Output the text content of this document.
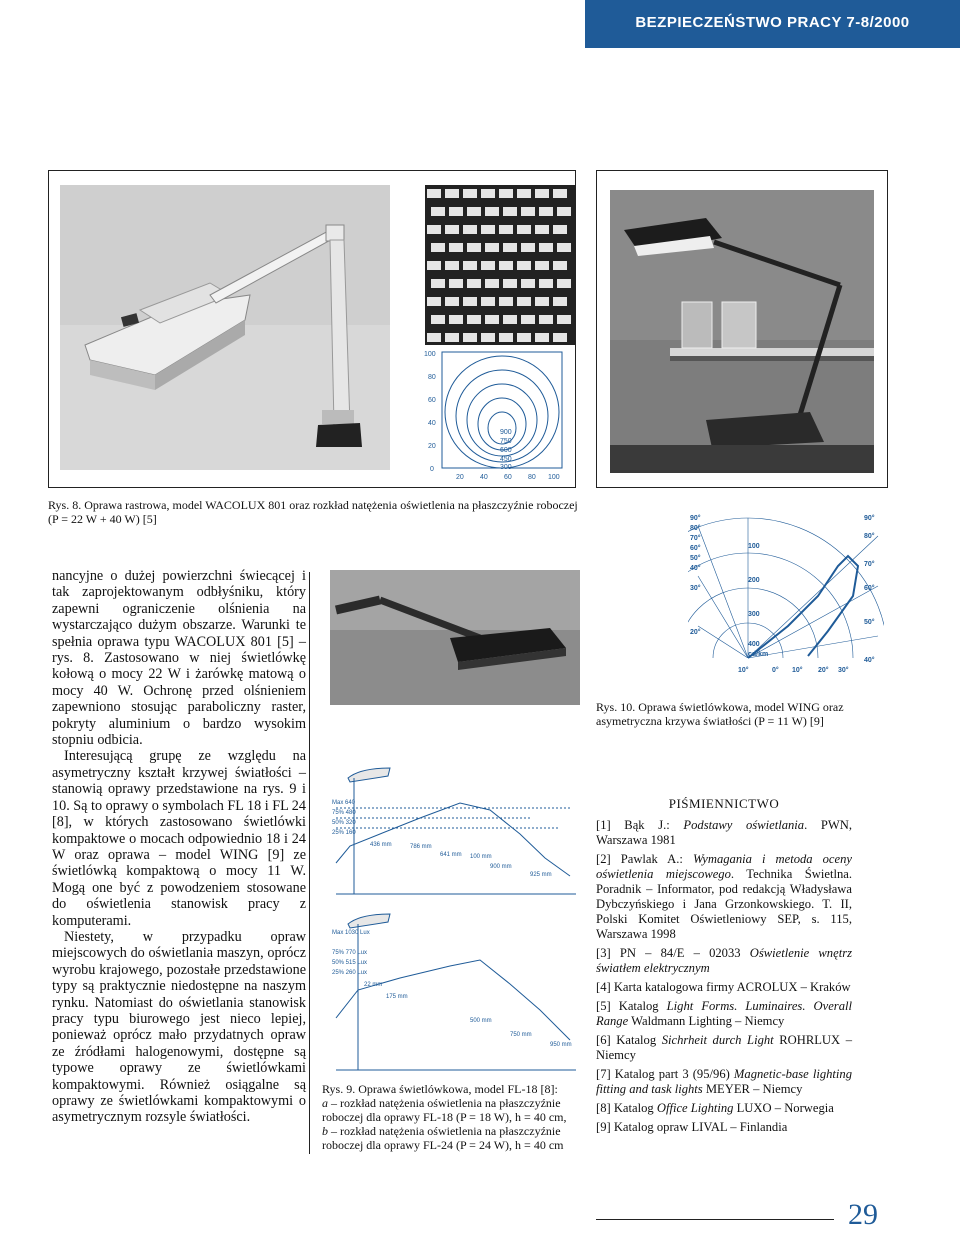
BEZPIECZEŃSTWO PRACY 7-8/2000
100
80
60
40
20
0
20 40 60 80 100
900
750
600
450
300
Rys. 8. Oprawa rastrowa, model WACOLUX 801 oraz rozkład natężenia oświetlenia na płaszczyźnie roboczej (P = 22 W + 40 W) [5]

nancyjne o dużej powierzchni świecącej i tak zaprojektowanym odbłyśniku, który zapewni ograniczenie olśnienia na wystarczająco dużym obszarze. Warunki te spełnia oprawa typu WACOLUX 801 [5] – rys. 8. Zastosowano w niej świetlówkę kołową o mocy 22 W i żarówkę matową o mocy 40 W. Ochronę przed olśnieniem zapewniono stosując paraboliczny raster, pokryty aluminium o bardzo wysokim stopniu odbicia.

Interesującą grupę ze względu na asymetryczny kształt krzywej światłości – stanowią oprawy przedstawione na rys. 9 i 10. Są to oprawy o symbolach FL 18 i FL 24 [8], w których zastosowano świetlówki kompaktowe o mocach odpowiednio 18 i 24 W oraz oprawa – model WING [9] ze świetlówką kompaktową o mocy 11 W. Mogą one być z powodzeniem stosowane do oświetlenia stanowisk pracy z komputerami.

Niestety, w przypadku opraw miejscowych do oświetlania maszyn, oprócz wyrobu krajowego, pozostałe przedstawione typy są praktycznie niedostępne na naszym rynku. Natomiast do oświetlania stanowisk pracy typu biurowego jest nieco lepiej, ponieważ oprócz mało przydatnych opraw ze źródłami halogenowymi, dostępne są typowe oprawy ze świetlówkami kompaktowymi. Również osiągalne są oprawy ze świetlówkami kompaktowymi o asymetrycznym rozsyle światłości.

Max 640
75% 480
50% 320
25% 160
436 mm	786 mm
641 mm 100 mm
900 mm
925 mm
Max 1030 Lux
75% 770 Lux
50% 515 Lux
25% 260 Lux
22 mm
175 mm
500 mm
750 mm
950 mm
Rys. 9. Oprawa świetlówkowa, model FL-18 [8]:
a – rozkład natężenia oświetlenia na płaszczyźnie roboczej dla oprawy FL-18 (P = 18 W), h = 40 cm,
b – rozkład natężenia oświetlenia na płaszczyźnie roboczej dla oprawy FL-24 (P = 24 W), h = 40 cm
90°
80°
70°
60°
50°
40°
30°
20°
90°
80°
70°
60°
50°
40°
10°	0° 10° 20° 30°
100
200
300
400
cd/km
Rys. 10. Oprawa świetlówkowa, model WING oraz asymetryczna krzywa światłości (P = 11 W) [9]
PIŚMIENNICTWO
[1] Bąk J.: Podstawy oświetlania. PWN, Warszawa 1981
[2] Pawlak A.: Wymagania i metoda oceny oświetlenia miejscowego. Technika Świetlna. Poradnik – Informator, pod redakcją Władysława Dybczyńskiego i Jana Grzonkowskiego. T. II, Polski Komitet Oświetleniowy SEP, s. 115, Warszawa 1998
[3] PN – 84/E – 02033 Oświetlenie wnętrz światłem elektrycznym
[4] Karta katalogowa firmy ACROLUX – Kraków
[5] Katalog Light Forms. Luminaires. Overall Range Waldmann Lighting – Niemcy
[6] Katalog Sichrheit durch Light ROHRLUX – Niemcy
[7] Katalog part 3 (95/96) Magnetic-base lighting fitting and task lights MEYER – Niemcy
[8] Katalog Office Lighting LUXO – Norwegia
[9] Katalog opraw LIVAL – Finlandia
29
